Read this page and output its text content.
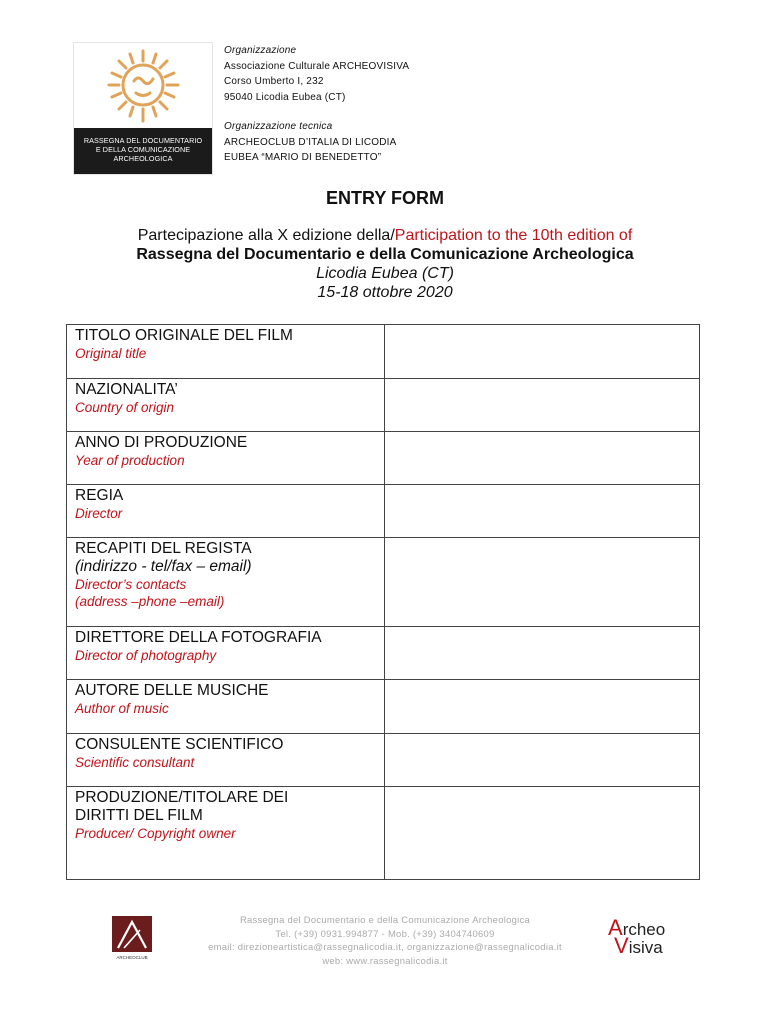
RASSEGNA DEL DOCUMENTARIO
E DELLA COMUNICAZIONE
ARCHEOLOGICA
Organizzazione
Associazione Culturale ARCHEOVISIVA
Corso Umberto I, 232
95040 Licodia Eubea (CT)
Organizzazione tecnica
ARCHEOCLUB D’ITALIA DI LICODIA
EUBEA “MARIO DI BENEDETTO”
ENTRY FORM
Partecipazione alla X edizione della/Participation to the 10th edition of
Rassegna del Documentario e della Comunicazione Archeologica
Licodia Eubea (CT)
15-18 ottobre 2020
TITOLO ORIGINALE DEL FILM
Original title	

NAZIONALITA’
Country of origin	

ANNO DI PRODUZIONE
Year of production	

REGIA
Director	

RECAPITI DEL REGISTA
(indirizzo - tel/fax – email)
Director’s contacts
(address –phone –email)	

DIRETTORE DELLA FOTOGRAFIA
Director of photography	

AUTORE DELLE MUSICHE
Author of music	

CONSULENTE SCIENTIFICO
Scientific consultant	

PRODUZIONE/TITOLARE DEI
DIRITTI DEL FILM
Producer/ Copyright owner	

ARCHEOCLUB
Rassegna del Documentario e della Comunicazione Archeologica
Tel. (+39) 0931.994877 - Mob. (+39) 3404740609
email: direzioneartistica@rassegnalicodia.it, organizzazione@rassegnalicodia.it
web: www.rassegnalicodia.it
Archeo
Visiva
